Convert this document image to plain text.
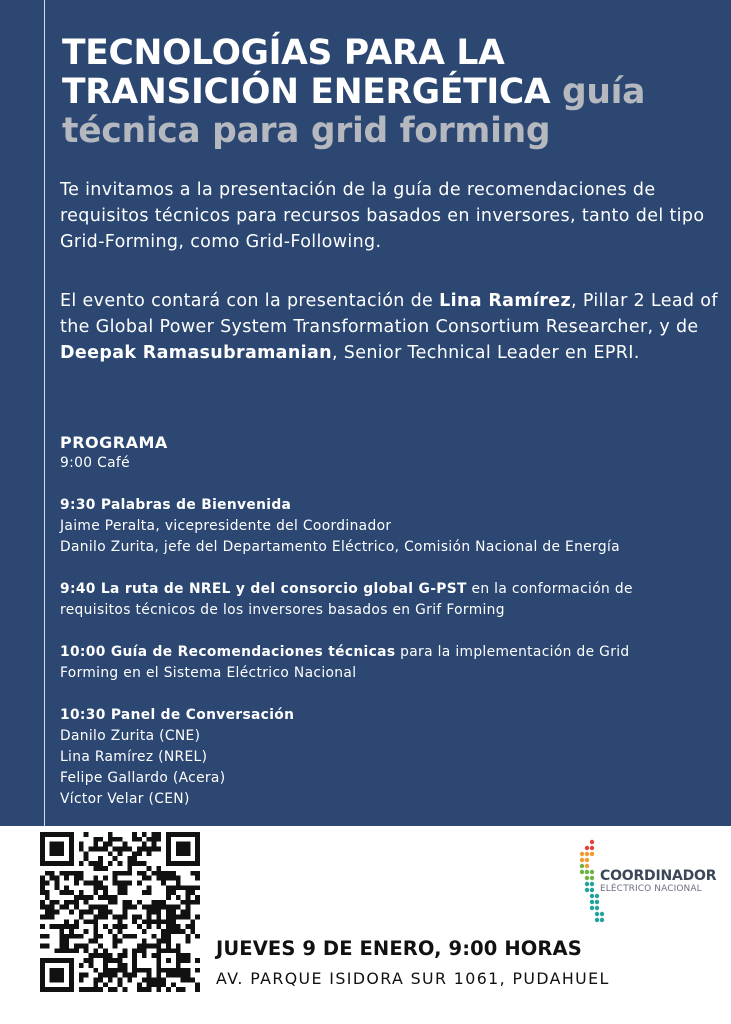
TECNOLOGÍAS PARA LA TRANSICIÓN ENERGÉTICA guía técnica para grid forming

Te invitamos a la presentación de la guía de recomendaciones de requisitos técnicos para recursos basados en inversores, tanto del tipo Grid-Forming, como Grid-Following.

El evento contará con la presentación de Lina Ramírez, Pillar 2 Lead of the Global Power System Transformation Consortium Researcher, y de Deepak Ramasubramanian, Senior Technical Leader en EPRI.

PROGRAMA

9:00 Café

9:30 Palabras de Bienvenida
Jaime Peralta, vicepresidente del Coordinador
Danilo Zurita, jefe del Departamento Eléctrico, Comisión Nacional de Energía

9:40 La ruta de NREL y del consorcio global G-PST en la conformación de
requisitos técnicos de los inversores basados en Grif Forming

10:00 Guía de Recomendaciones técnicas para la implementación de Grid
Forming en el Sistema Eléctrico Nacional

10:30 Panel de Conversación
Danilo Zurita (CNE)
Lina Ramírez (NREL)
Felipe Gallardo (Acera)
Víctor Velar (CEN)

COORDINADOR
ELÉCTRICO NACIONAL
JUEVES 9 DE ENERO, 9:00 HORAS
AV. PARQUE ISIDORA SUR 1061, PUDAHUEL
